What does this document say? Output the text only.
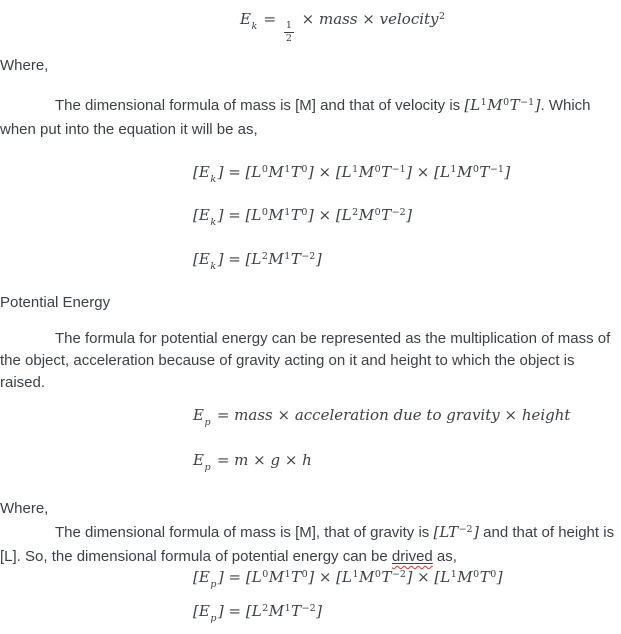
$E_k$ =
$\frac{1}{2}$
× mass × velocity$^2$
Where,

The dimensional formula of mass is [M] and that of velocity is $[L^1M^0T^{-1}]$. Which when put into the equation it will be as,

[$E_k$ ] = $[L^0M^1T^0] \times [L^1M^0T^{-1}] \times [L^1M^0T^{-1}]$
[$E_k$ ] = $[L^0M^1T^0] \times [L^2M^0T^{-2}]$
[$E_k$ ] = $[L^2M^1T^{-2}]$
Potential Energy

The formula for potential energy can be represented as the multiplication of mass of the object, acceleration because of gravity acting on it and height to which the object is raised.

$E_p$ = mass × acceleration due to gravity × height
$E_p = m \times g \times h$
Where,

The dimensional formula of mass is [M], that of gravity is $[LT^{-2}]$ and that of height is [L]. So, the dimensional formula of potential energy can be drived as,

[$E_p$ ] = $[L^0M^1T^0] \times [L^1M^0T^{-2}] \times [L^1M^0T^0]$
[$E_p$ ] = $[L^2M^1T^{-2}]$
